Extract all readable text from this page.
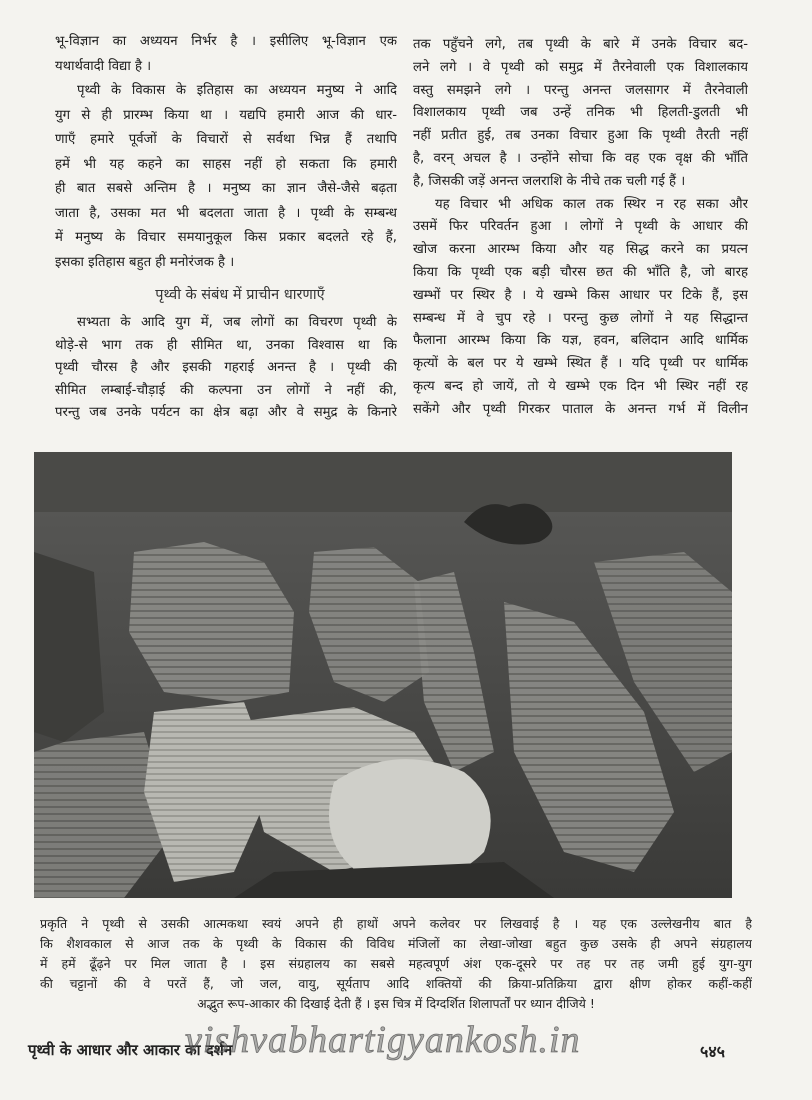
भू-विज्ञान का अध्ययन निर्भर है । इसीलिए भू-विज्ञान एक
यथार्थवादी विद्या है ।
पृथ्वी के विकास के इतिहास का अध्ययन मनुष्य ने आदि
युग से ही प्रारम्भ किया था । यद्यपि हमारी आज की धार-
णाएँ हमारे पूर्वजों के विचारों से सर्वथा भिन्न हैं तथापि
हमें भी यह कहने का साहस नहीं हो सकता कि हमारी
ही बात सबसे अन्तिम है । मनुष्य का ज्ञान जैसे-जैसे बढ़ता
जाता है, उसका मत भी बदलता जाता है । पृथ्वी के सम्बन्ध
में मनुष्य के विचार समयानुकूल किस प्रकार बदलते रहे हैं,
इसका इतिहास बहुत ही मनोरंजक है ।
पृथ्वी के संबंध में प्राचीन धारणाएँ
सभ्यता के आदि युग में, जब लोगों का विचरण पृथ्वी के
थोड़े-से भाग तक ही सीमित था, उनका विश्वास था कि
पृथ्वी चौरस है और इसकी गहराई अनन्त है । पृथ्वी की
सीमित लम्बाई-चौड़ाई की कल्पना उन लोगों ने नहीं की,
परन्तु जब उनके पर्यटन का क्षेत्र बढ़ा और वे समुद्र के किनारे
तक पहुँचने लगे, तब पृथ्वी के बारे में उनके विचार बद-
लने लगे । वे पृथ्वी को समुद्र में तैरनेवाली एक विशालकाय
वस्तु समझने लगे । परन्तु अनन्त जलसागर में तैरनेवाली
विशालकाय पृथ्वी जब उन्हें तनिक भी हिलती-डुलती भी
नहीं प्रतीत हुई, तब उनका विचार हुआ कि पृथ्वी तैरती नहीं
है, वरन् अचल है । उन्होंने सोचा कि वह एक वृक्ष की भाँति
है, जिसकी जड़ें अनन्त जलराशि के नीचे तक चली गई हैं ।
यह विचार भी अधिक काल तक स्थिर न रह सका और
उसमें फिर परिवर्तन हुआ । लोगों ने पृथ्वी के आधार की
खोज करना आरम्भ किया और यह सिद्ध करने का प्रयत्न
किया कि पृथ्वी एक बड़ी चौरस छत की भाँति है, जो बारह
खम्भों पर स्थिर है । ये खम्भे किस आधार पर टिके हैं, इस
सम्बन्ध में वे चुप रहे । परन्तु कुछ लोगों ने यह सिद्धान्त
फैलाना आरम्भ किया कि यज्ञ, हवन, बलिदान आदि धार्मिक
कृत्यों के बल पर ये खम्भे स्थित हैं । यदि पृथ्वी पर धार्मिक
कृत्य बन्द हो जायें, तो ये खम्भे एक दिन भी स्थिर नहीं रह
सकेंगे और पृथ्वी गिरकर पाताल के अनन्त गर्भ में विलीन
प्रकृति ने पृथ्वी से उसकी आत्मकथा स्वयं अपने ही हाथों अपने कलेवर पर लिखवाई है । यह एक उल्लेखनीय बात है
कि शैशवकाल से आज तक के पृथ्वी के विकास की विविध मंजिलों का लेखा-जोखा बहुत कुछ उसके ही अपने संग्रहालय
में हमें ढूँढ़ने पर मिल जाता है । इस संग्रहालय का सबसे महत्वपूर्ण अंश एक-दूसरे पर तह पर तह जमी हुई युग-युग
की चट्टानों की वे परतें हैं, जो जल, वायु, सूर्यताप आदि शक्तियों की क्रिया-प्रतिक्रिया द्वारा क्षीण होकर कहीं-कहीं
अद्भुत रूप-आकार की दिखाई देती हैं । इस चित्र में दिग्दर्शित शिलापर्तों पर ध्यान दीजिये !
पृथ्वी के आधार और आकार का दर्शन	५४५
vishvabhartigyankosh.in
